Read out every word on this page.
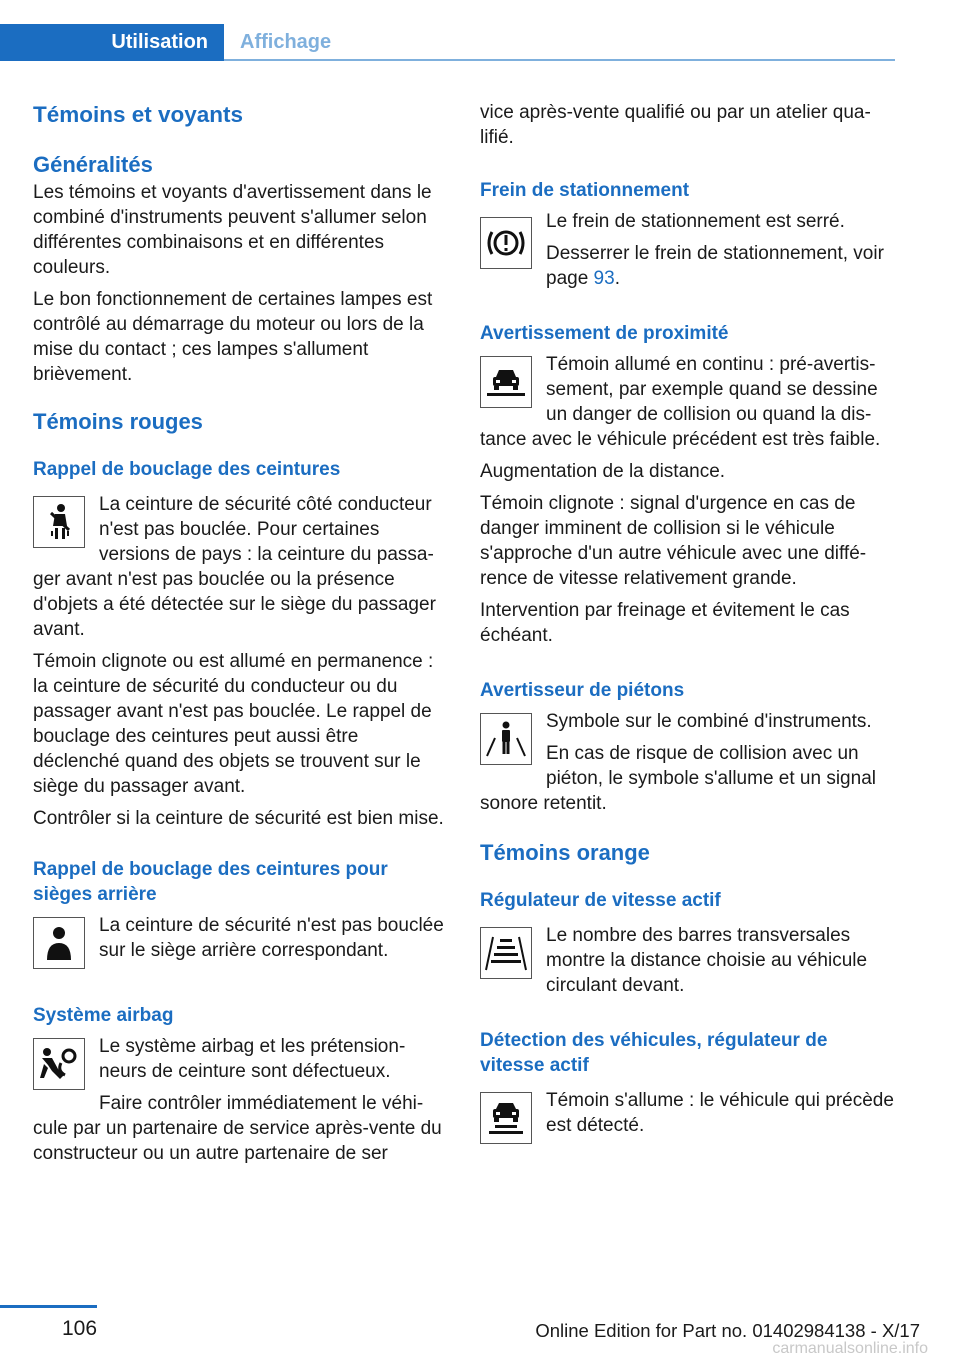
Utilisation	Affichage
Témoins et voyants
Généralités

Les témoins et voyants d'avertissement dans le combiné d'instruments peuvent s'allumer selon différentes combinaisons et en différentes couleurs.

Le bon fonctionnement de certaines lampes est contrôlé au démarrage du moteur ou lors de la mise du contact ; ces lampes s'allument brièvement.

Témoins rouges
Rappel de bouclage des ceintures

La ceinture de sécurité côté conducteur n'est pas bouclée. Pour certaines versions de pays : la ceinture du passager avant n'est pas bouclée ou la présence d'objets a été détectée sur le siège du passager avant.

Témoin clignote ou est allumé en permanence : la ceinture de sécurité du conducteur ou du passager avant n'est pas bouclée. Le rappel de bouclage des ceintures peut aussi être déclenché quand des objets se trouvent sur le siège du passager avant.

Contrôler si la ceinture de sécurité est bien mise.

Rappel de bouclage des ceintures pour sièges arrière

La ceinture de sécurité n'est pas bouclée sur le siège arrière correspondant.

Système airbag

Le système airbag et les prétensionneurs de ceinture sont défectueux.

Faire contrôler immédiatement le véhicule par un partenaire de service après-vente du constructeur ou un autre partenaire de ser

vice après-vente qualifié ou par un atelier qualifié.

Frein de stationnement

Le frein de stationnement est serré.

Desserrer le frein de stationnement, voir page 93.

Avertissement de proximité

Témoin allumé en continu : pré-avertissement, par exemple quand se dessine un danger de collision ou quand la distance avec le véhicule précédent est très faible.

Augmentation de la distance.

Témoin clignote : signal d'urgence en cas de danger imminent de collision si le véhicule s'approche d'un autre véhicule avec une différence de vitesse relativement grande.

Intervention par freinage et évitement le cas échéant.

Avertisseur de piétons

Symbole sur le combiné d'instruments.

En cas de risque de collision avec un piéton, le symbole s'allume et un signal sonore retentit.

Témoins orange
Régulateur de vitesse actif

Le nombre des barres transversales montre la distance choisie au véhicule circulant devant.

Détection des véhicules, régulateur de vitesse actif

Témoin s'allume : le véhicule qui précède est détecté.

106	Online Edition for Part no. 01402984138 - X/17
carmanualsonline.info
